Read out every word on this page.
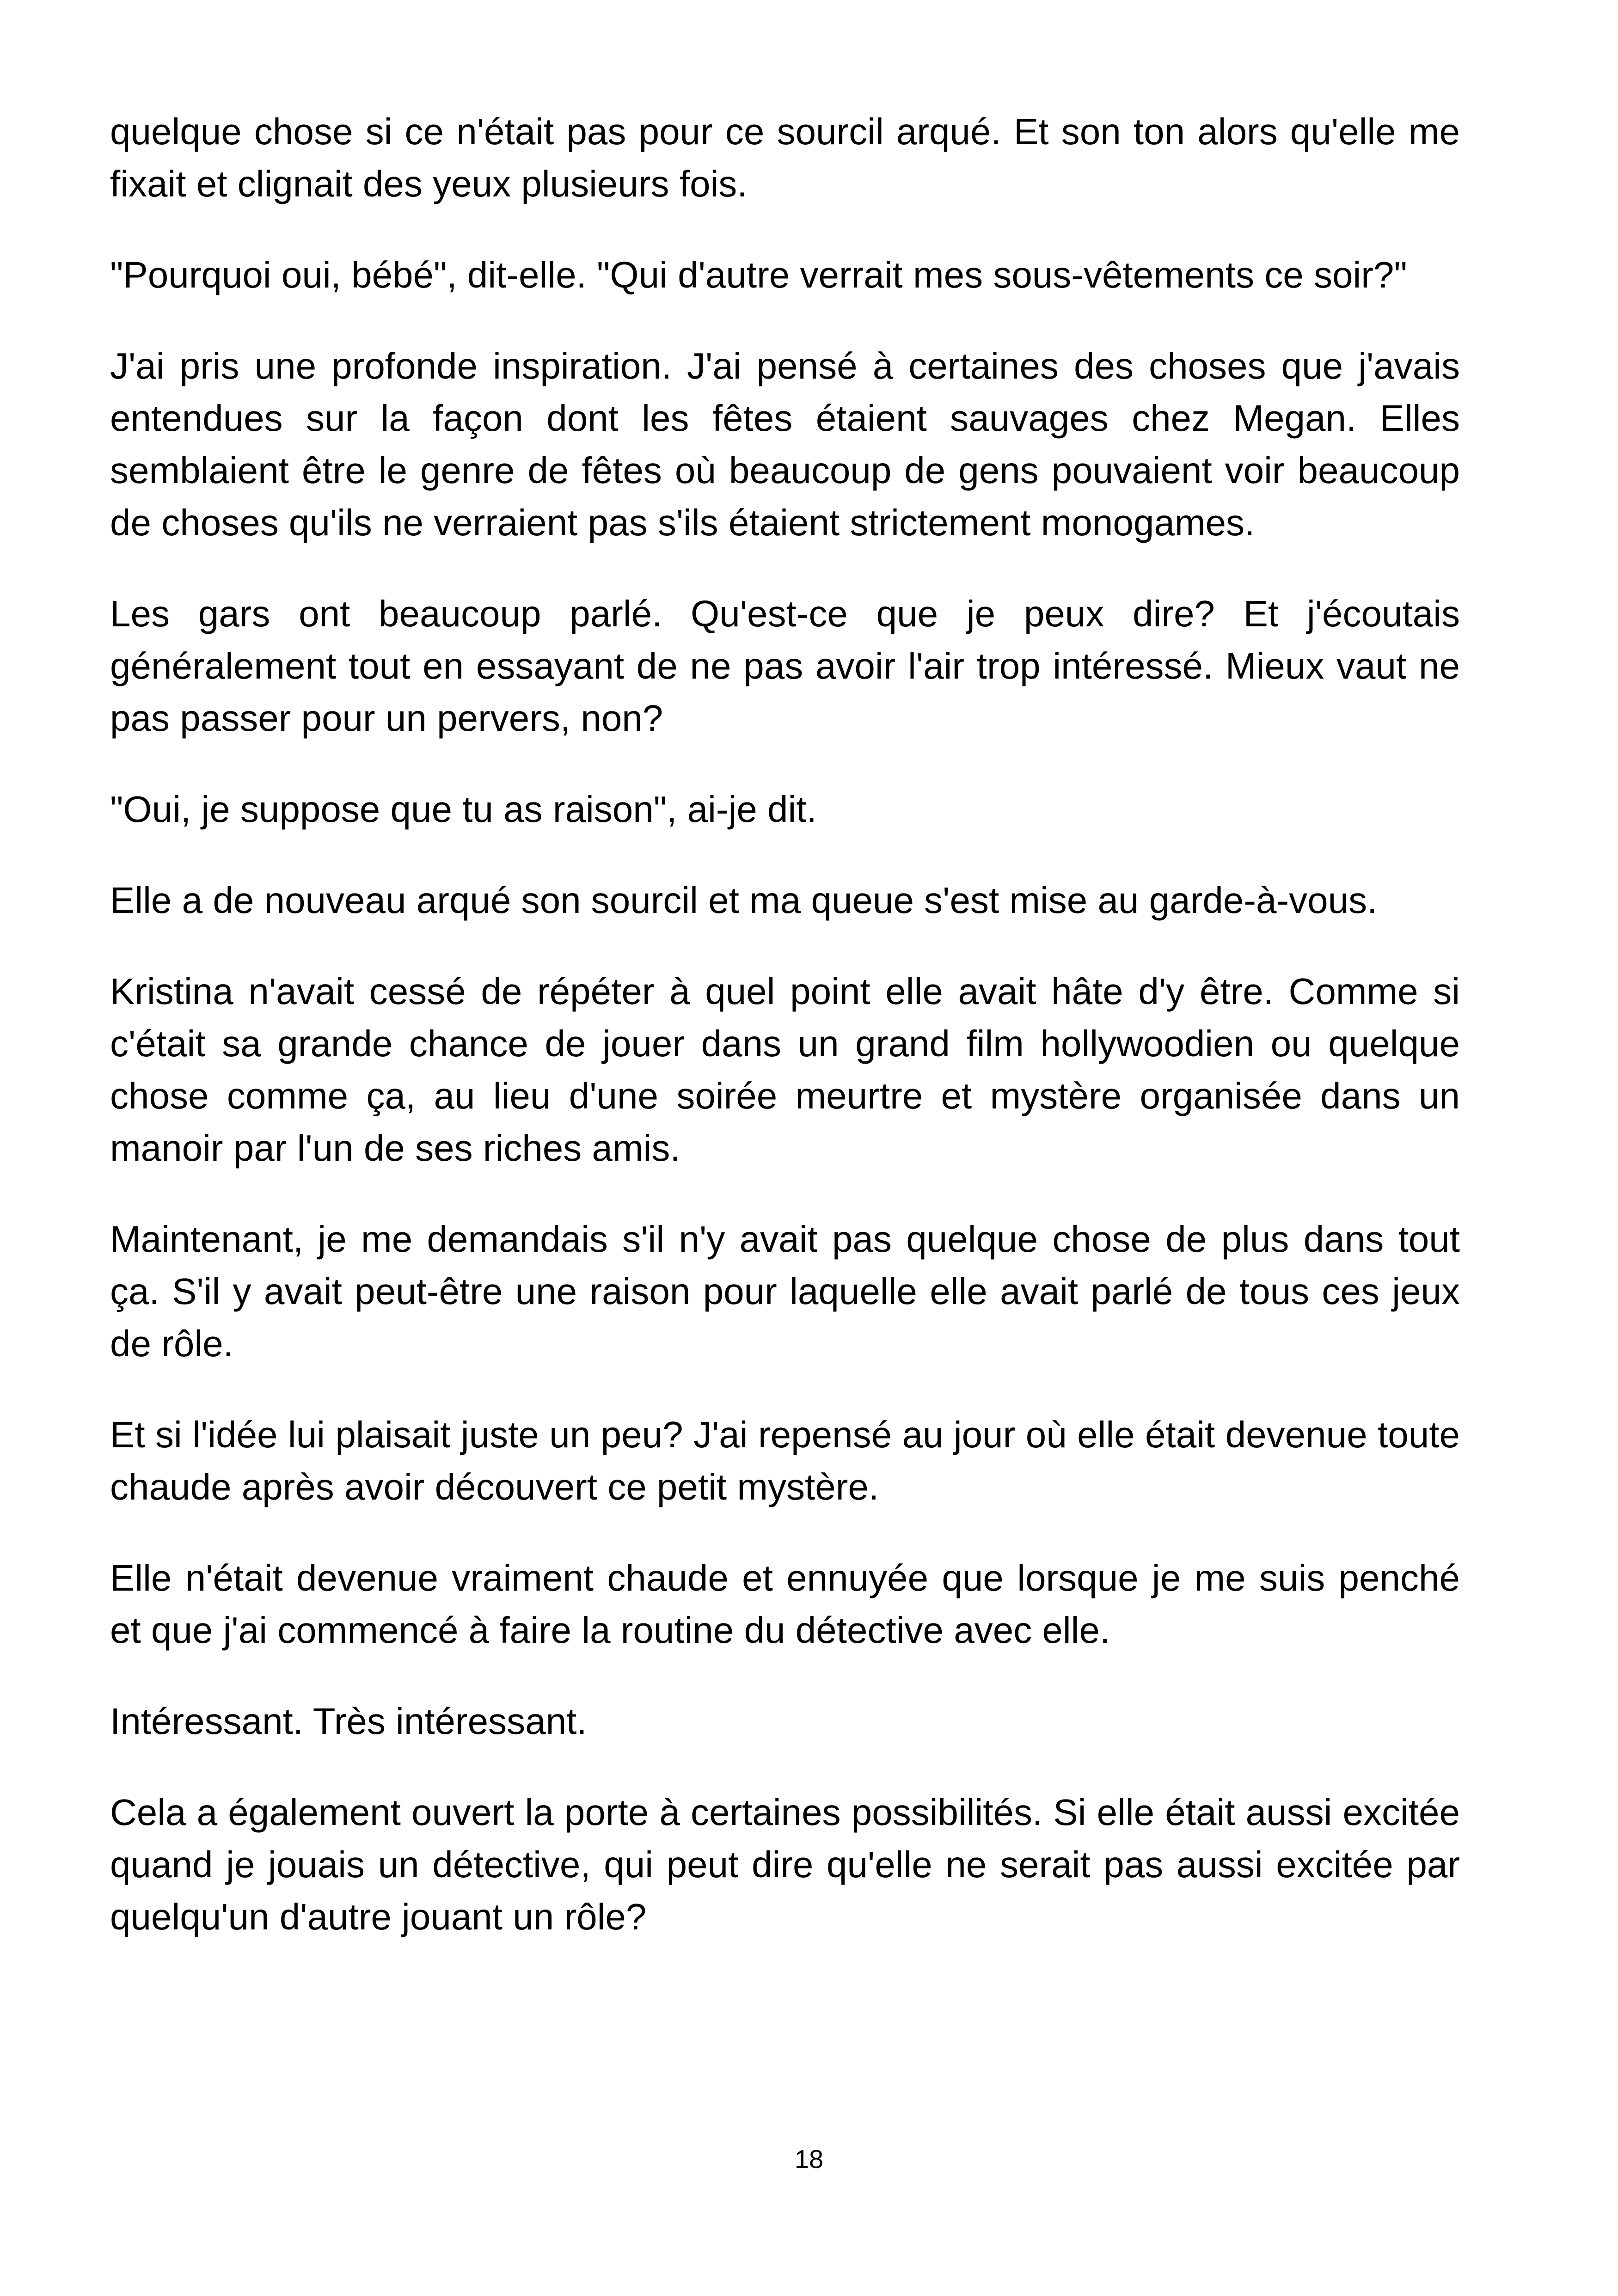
quelque chose si ce n'était pas pour ce sourcil arqué. Et son ton alors qu'elle me fixait et clignait des yeux plusieurs fois.

"Pourquoi oui, bébé", dit-elle. "Qui d'autre verrait mes sous-vêtements ce soir?"

J'ai pris une profonde inspiration. J'ai pensé à certaines des choses que j'avais entendues sur la façon dont les fêtes étaient sauvages chez Megan. Elles semblaient être le genre de fêtes où beaucoup de gens pouvaient voir beaucoup de choses qu'ils ne verraient pas s'ils étaient strictement monogames.

Les gars ont beaucoup parlé. Qu'est-ce que je peux dire? Et j'écoutais généralement tout en essayant de ne pas avoir l'air trop intéressé. Mieux vaut ne pas passer pour un pervers, non?

"Oui, je suppose que tu as raison", ai-je dit.

Elle a de nouveau arqué son sourcil et ma queue s'est mise au garde-à-vous.

Kristina n'avait cessé de répéter à quel point elle avait hâte d'y être. Comme si c'était sa grande chance de jouer dans un grand film hollywoodien ou quelque chose comme ça, au lieu d'une soirée meurtre et mystère organisée dans un manoir par l'un de ses riches amis.

Maintenant, je me demandais s'il n'y avait pas quelque chose de plus dans tout ça. S'il y avait peut-être une raison pour laquelle elle avait parlé de tous ces jeux de rôle.

Et si l'idée lui plaisait juste un peu? J'ai repensé au jour où elle était devenue toute chaude après avoir découvert ce petit mystère.

Elle n'était devenue vraiment chaude et ennuyée que lorsque je me suis penché et que j'ai commencé à faire la routine du détective avec elle.

Intéressant. Très intéressant.

Cela a également ouvert la porte à certaines possibilités. Si elle était aussi excitée quand je jouais un détective, qui peut dire qu'elle ne serait pas aussi excitée par quelqu'un d'autre jouant un rôle?

18
